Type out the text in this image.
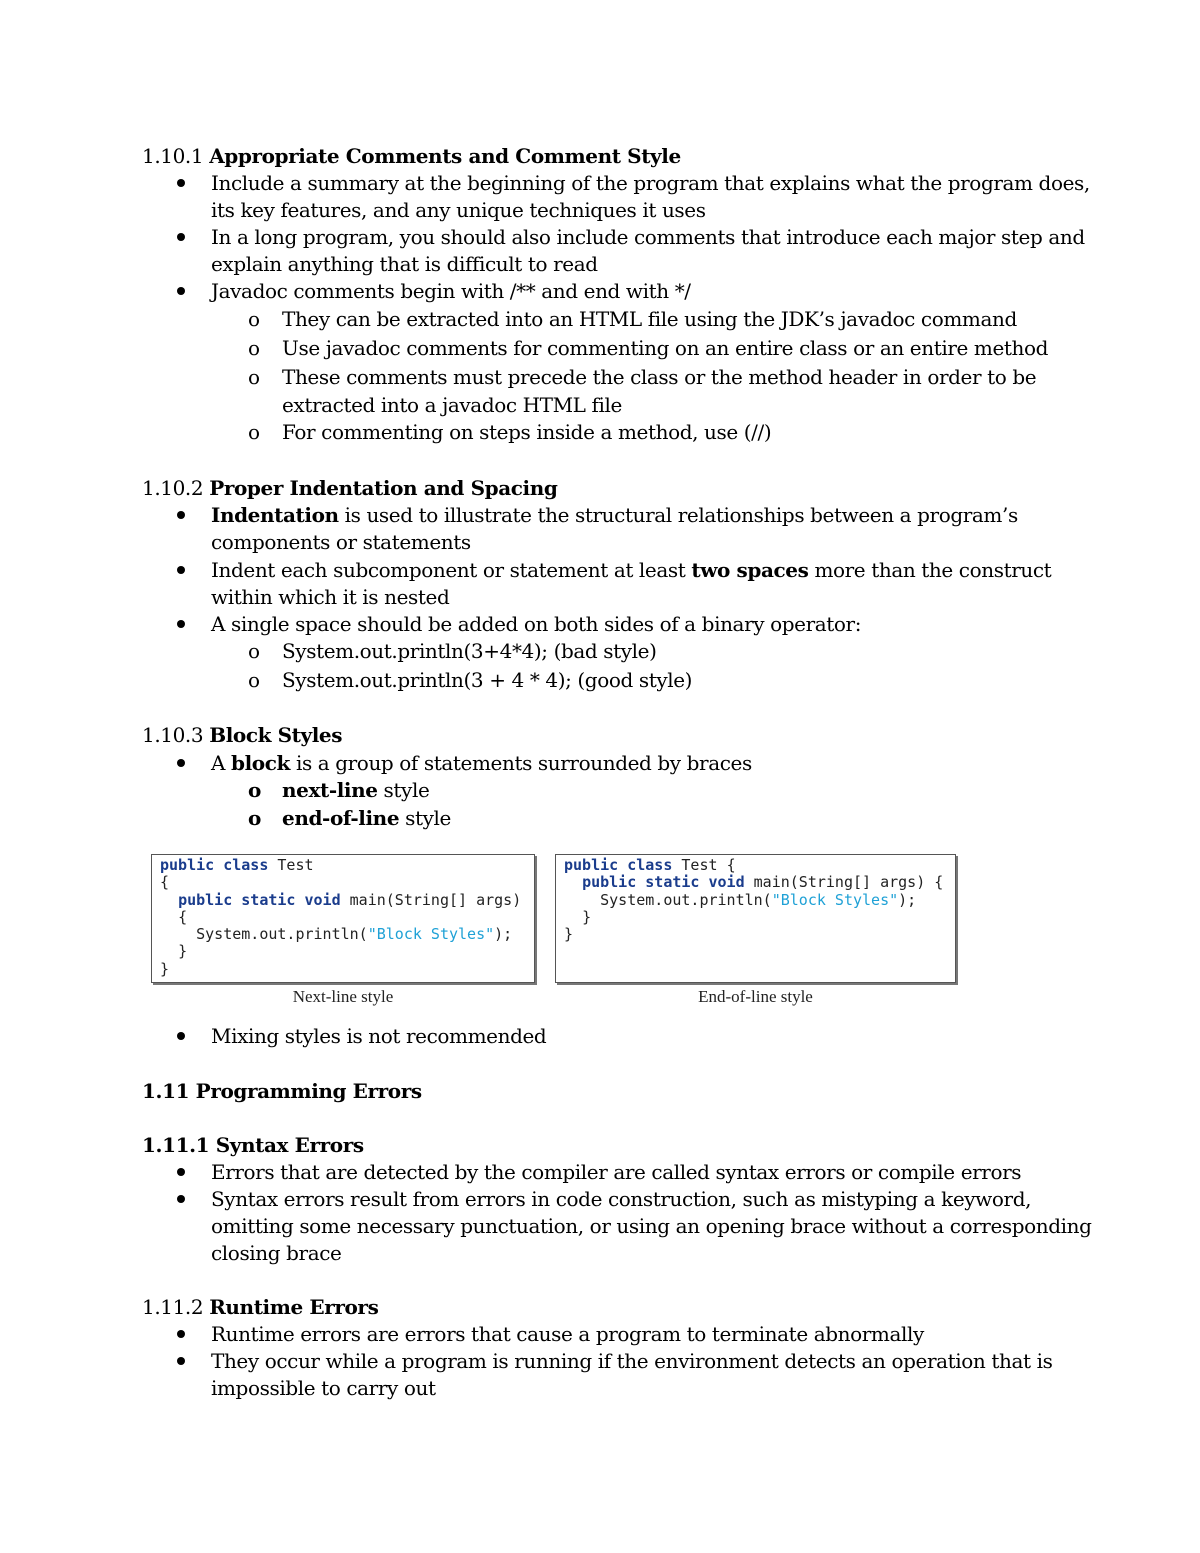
1.10.1 Appropriate Comments and Comment Style
Include a summary at the beginning of the program that explains what the program does,
its key features, and any unique techniques it uses
In a long program, you should also include comments that introduce each major step and
explain anything that is difficult to read
Javadoc comments begin with /** and end with */
o They can be extracted into an HTML file using the JDK’s javadoc command
o Use javadoc comments for commenting on an entire class or an entire method
o These comments must precede the class or the method header in order to be
extracted into a javadoc HTML file
o For commenting on steps inside a method, use (//)
1.10.2 Proper Indentation and Spacing
Indentation is used to illustrate the structural relationships between a program’s
components or statements
Indent each subcomponent or statement at least two spaces more than the construct
within which it is nested
A single space should be added on both sides of a binary operator:
o System.out.println(3+4*4); (bad style)
o System.out.println(3 + 4 * 4); (good style)
1.10.3 Block Styles
A block is a group of statements surrounded by braces
o next-line style
o end-of-line style
public class Test
{
public static void main(String[] args)
{
System.out.println("Block Styles");
}
}
Next-line style
public class Test {
public static void main(String[] args) {
System.out.println("Block Styles");
}
}
End-of-line style
Mixing styles is not recommended
1.11 Programming Errors
1.11.1 Syntax Errors
Errors that are detected by the compiler are called syntax errors or compile errors
Syntax errors result from errors in code construction, such as mistyping a keyword,
omitting some necessary punctuation, or using an opening brace without a corresponding
closing brace
1.11.2 Runtime Errors
Runtime errors are errors that cause a program to terminate abnormally
They occur while a program is running if the environment detects an operation that is
impossible to carry out
